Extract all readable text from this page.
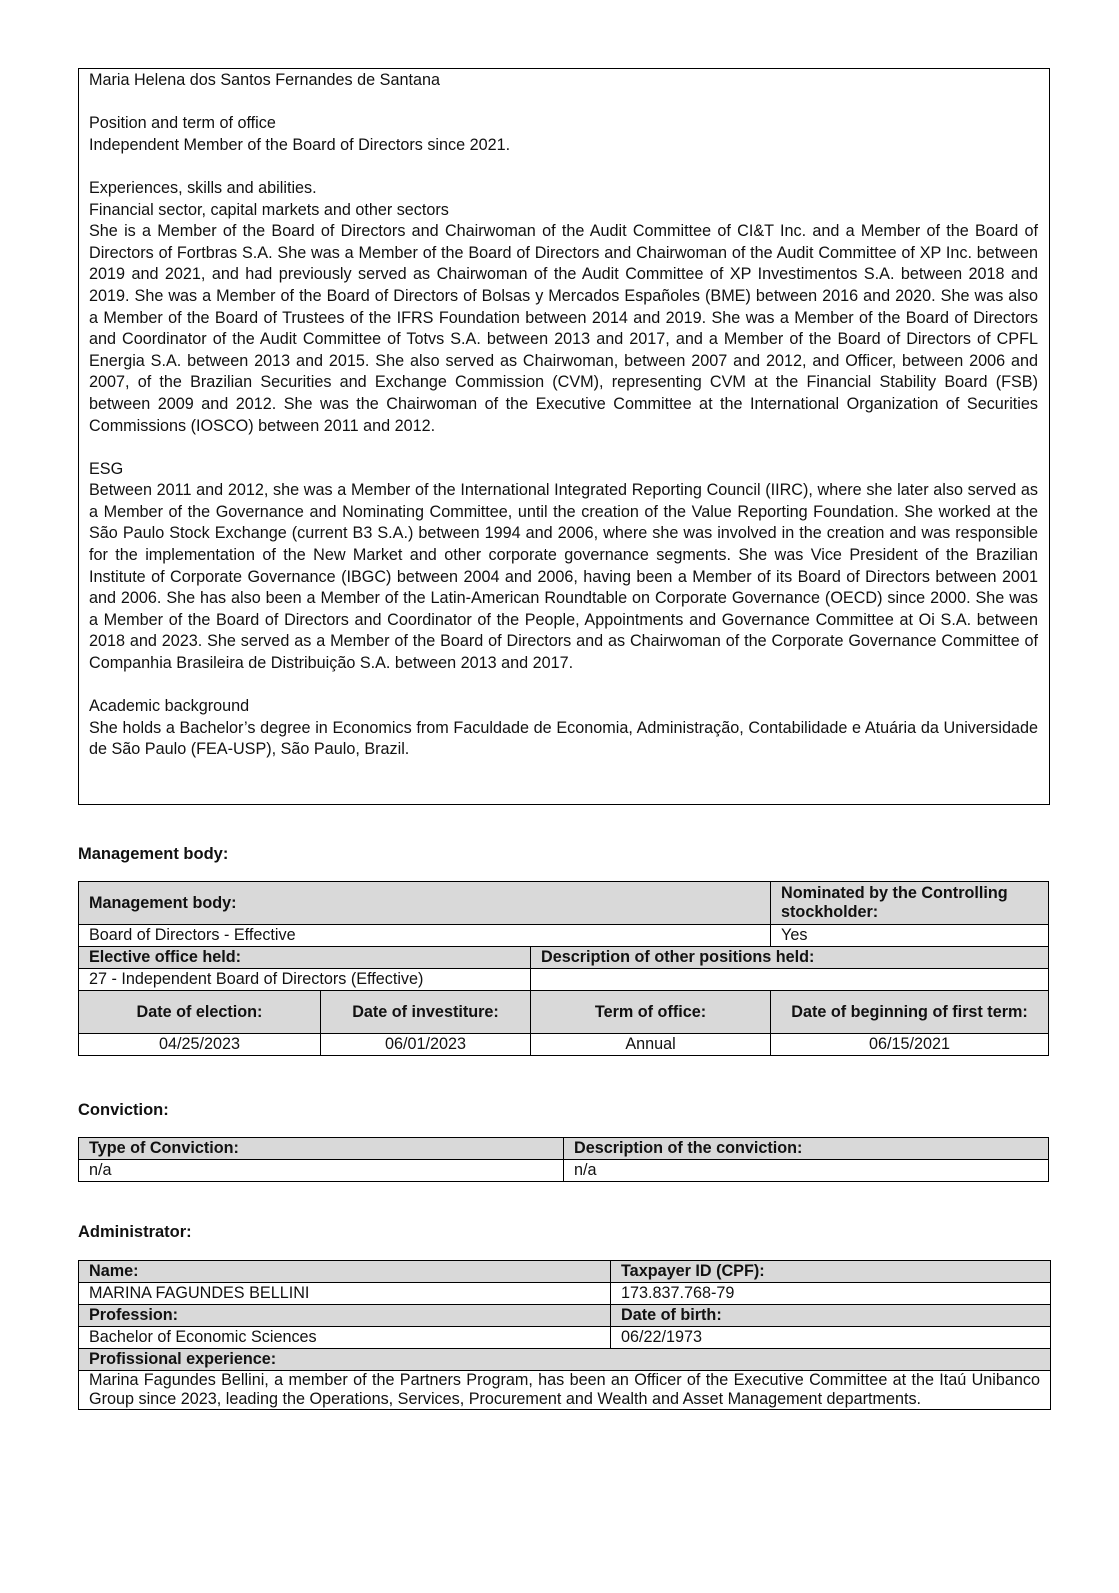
Maria Helena dos Santos Fernandes de Santana

Position and term of office

Independent Member of the Board of Directors since 2021.

Experiences, skills and abilities.

Financial sector, capital markets and other sectors

She is a Member of the Board of Directors and Chairwoman of the Audit Committee of CI&T Inc. and a Member of the Board of Directors of Fortbras S.A. She was a Member of the Board of Directors and Chairwoman of the Audit Committee of XP Inc. between 2019 and 2021, and had previously served as Chairwoman of the Audit Committee of XP Investimentos S.A. between 2018 and 2019. She was a Member of the Board of Directors of Bolsas y Mercados Españoles (BME) between 2016 and 2020. She was also a Member of the Board of Trustees of the IFRS Foundation between 2014 and 2019. She was a Member of the Board of Directors and Coordinator of the Audit Committee of Totvs S.A. between 2013 and 2017, and a Member of the Board of Directors of CPFL Energia S.A. between 2013 and 2015. She also served as Chairwoman, between 2007 and 2012, and Officer, between 2006 and 2007, of the Brazilian Securities and Exchange Commission (CVM), representing CVM at the Financial Stability Board (FSB) between 2009 and 2012. She was the Chairwoman of the Executive Committee at the International Organization of Securities Commissions (IOSCO) between 2011 and 2012.

ESG

Between 2011 and 2012, she was a Member of the International Integrated Reporting Council (IIRC), where she later also served as a Member of the Governance and Nominating Committee, until the creation of the Value Reporting Foundation. She worked at the São Paulo Stock Exchange (current B3 S.A.) between 1994 and 2006, where she was involved in the creation and was responsible for the implementation of the New Market and other corporate governance segments. She was Vice President of the Brazilian Institute of Corporate Governance (IBGC) between 2004 and 2006, having been a Member of its Board of Directors between 2001 and 2006. She has also been a Member of the Latin-American Roundtable on Corporate Governance (OECD) since 2000. She was a Member of the Board of Directors and Coordinator of the People, Appointments and Governance Committee at Oi S.A. between 2018 and 2023. She served as a Member of the Board of Directors and as Chairwoman of the Corporate Governance Committee of Companhia Brasileira de Distribuição S.A. between 2013 and 2017.

Academic background

She holds a Bachelor’s degree in Economics from Faculdade de Economia, Administração, Contabilidade e Atuária da Universidade de São Paulo (FEA-USP), São Paulo, Brazil.

Management body:
Management body:			Nominated by the Controlling stockholder:
Board of Directors - Effective			Yes
Elective office held:		Description of other positions held:	
27 - Independent Board of Directors (Effective)			
Date of election:	Date of investiture:	Term of office:	Date of beginning of first term:
04/25/2023	06/01/2023	Annual	06/15/2021
Conviction:
Type of Conviction:	Description of the conviction:
n/a	n/a
Administrator:
Name:	Taxpayer ID (CPF):
MARINA FAGUNDES BELLINI	173.837.768-79
Profession:	Date of birth:
Bachelor of Economic Sciences	06/22/1973
Profissional experience:	
Marina Fagundes Bellini, a member of the Partners Program, has been an Officer of the Executive Committee at the Itaú Unibanco Group since 2023, leading the Operations, Services, Procurement and Wealth and Asset Management departments.	
